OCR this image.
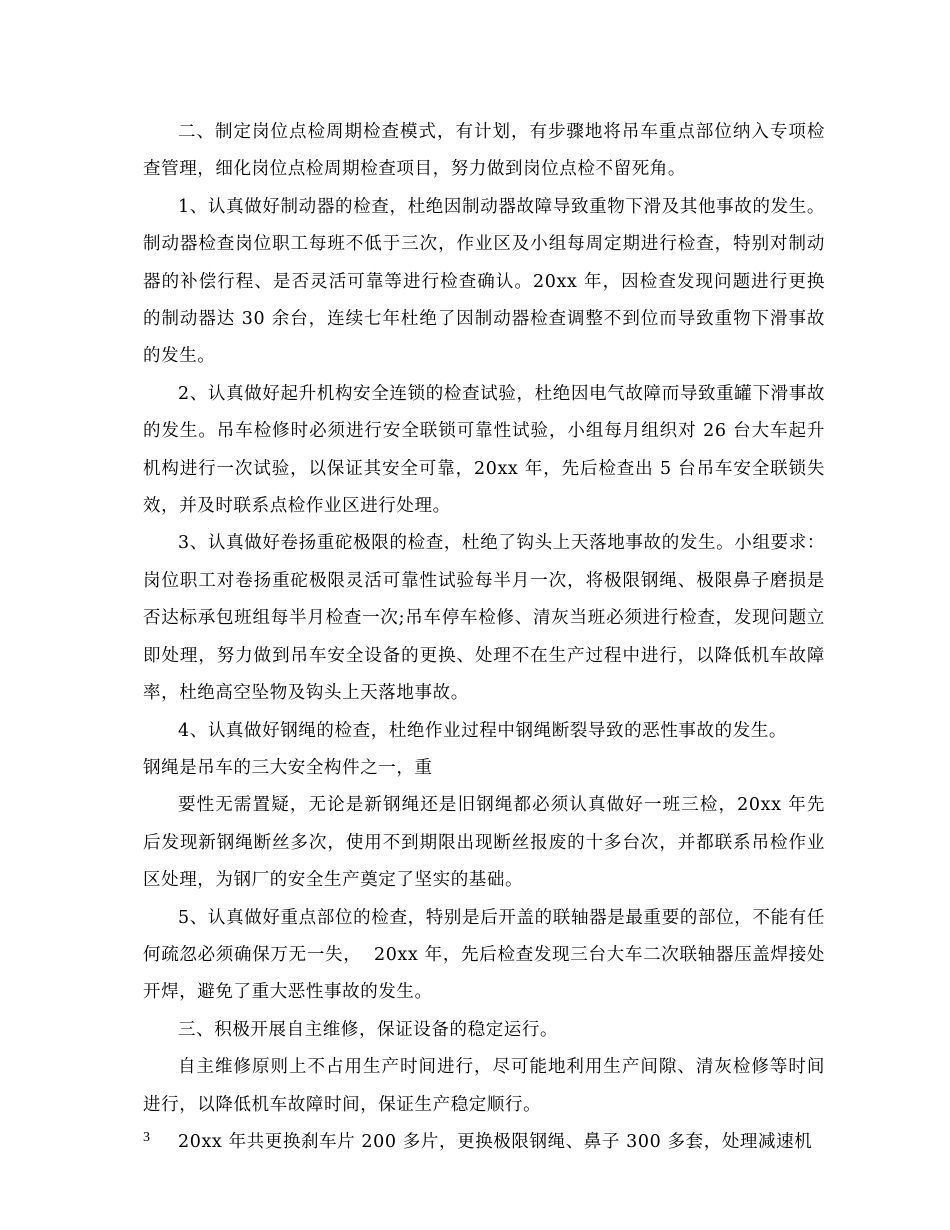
二、制定岗位点检周期检查模式，有计划，有步骤地将吊车重点部位纳入专项检查管理，细化岗位点检周期检查项目，努力做到岗位点检不留死角。

1、认真做好制动器的检查，杜绝因制动器故障导致重物下滑及其他事故的发生。制动器检查岗位职工每班不低于三次，作业区及小组每周定期进行检查，特别对制动器的补偿行程、是否灵活可靠等进行检查确认。20xx 年，因检查发现问题进行更换的制动器达 30 余台，连续七年杜绝了因制动器检查调整不到位而导致重物下滑事故的发生。

2、认真做好起升机构安全连锁的检查试验，杜绝因电气故障而导致重罐下滑事故的发生。吊车检修时必须进行安全联锁可靠性试验，小组每月组织对 26 台大车起升机构进行一次试验，以保证其安全可靠，20xx 年，先后检查出 5 台吊车安全联锁失效，并及时联系点检作业区进行处理。

3、认真做好卷扬重砣极限的检查，杜绝了钩头上天落地事故的发生。小组要求：岗位职工对卷扬重砣极限灵活可靠性试验每半月一次，将极限钢绳、极限鼻子磨损是否达标承包班组每半月检查一次;吊车停车检修、清灰当班必须进行检查，发现问题立即处理，努力做到吊车安全设备的更换、处理不在生产过程中进行，以降低机车故障率，杜绝高空坠物及钩头上天落地事故。

4、认真做好钢绳的检查，杜绝作业过程中钢绳断裂导致的恶性事故的发生。

钢绳是吊车的三大安全构件之一，重

要性无需置疑，无论是新钢绳还是旧钢绳都必须认真做好一班三检，20xx 年先后发现新钢绳断丝多次，使用不到期限出现断丝报废的十多台次，并都联系吊检作业区处理，为钢厂的安全生产奠定了坚实的基础。

5、认真做好重点部位的检查，特别是后开盖的联轴器是最重要的部位，不能有任何疏忽必须确保万无一失，  20xx 年，先后检查发现三台大车二次联轴器压盖焊接处开焊，避免了重大恶性事故的发生。

三、积极开展自主维修，保证设备的稳定运行。

自主维修原则上不占用生产时间进行，尽可能地利用生产间隙、清灰检修等时间进行，以降低机车故障时间，保证生产稳定顺行。

20xx 年共更换刹车片 200 多片，更换极限钢绳、鼻子 300 多套，处理减速机

3
